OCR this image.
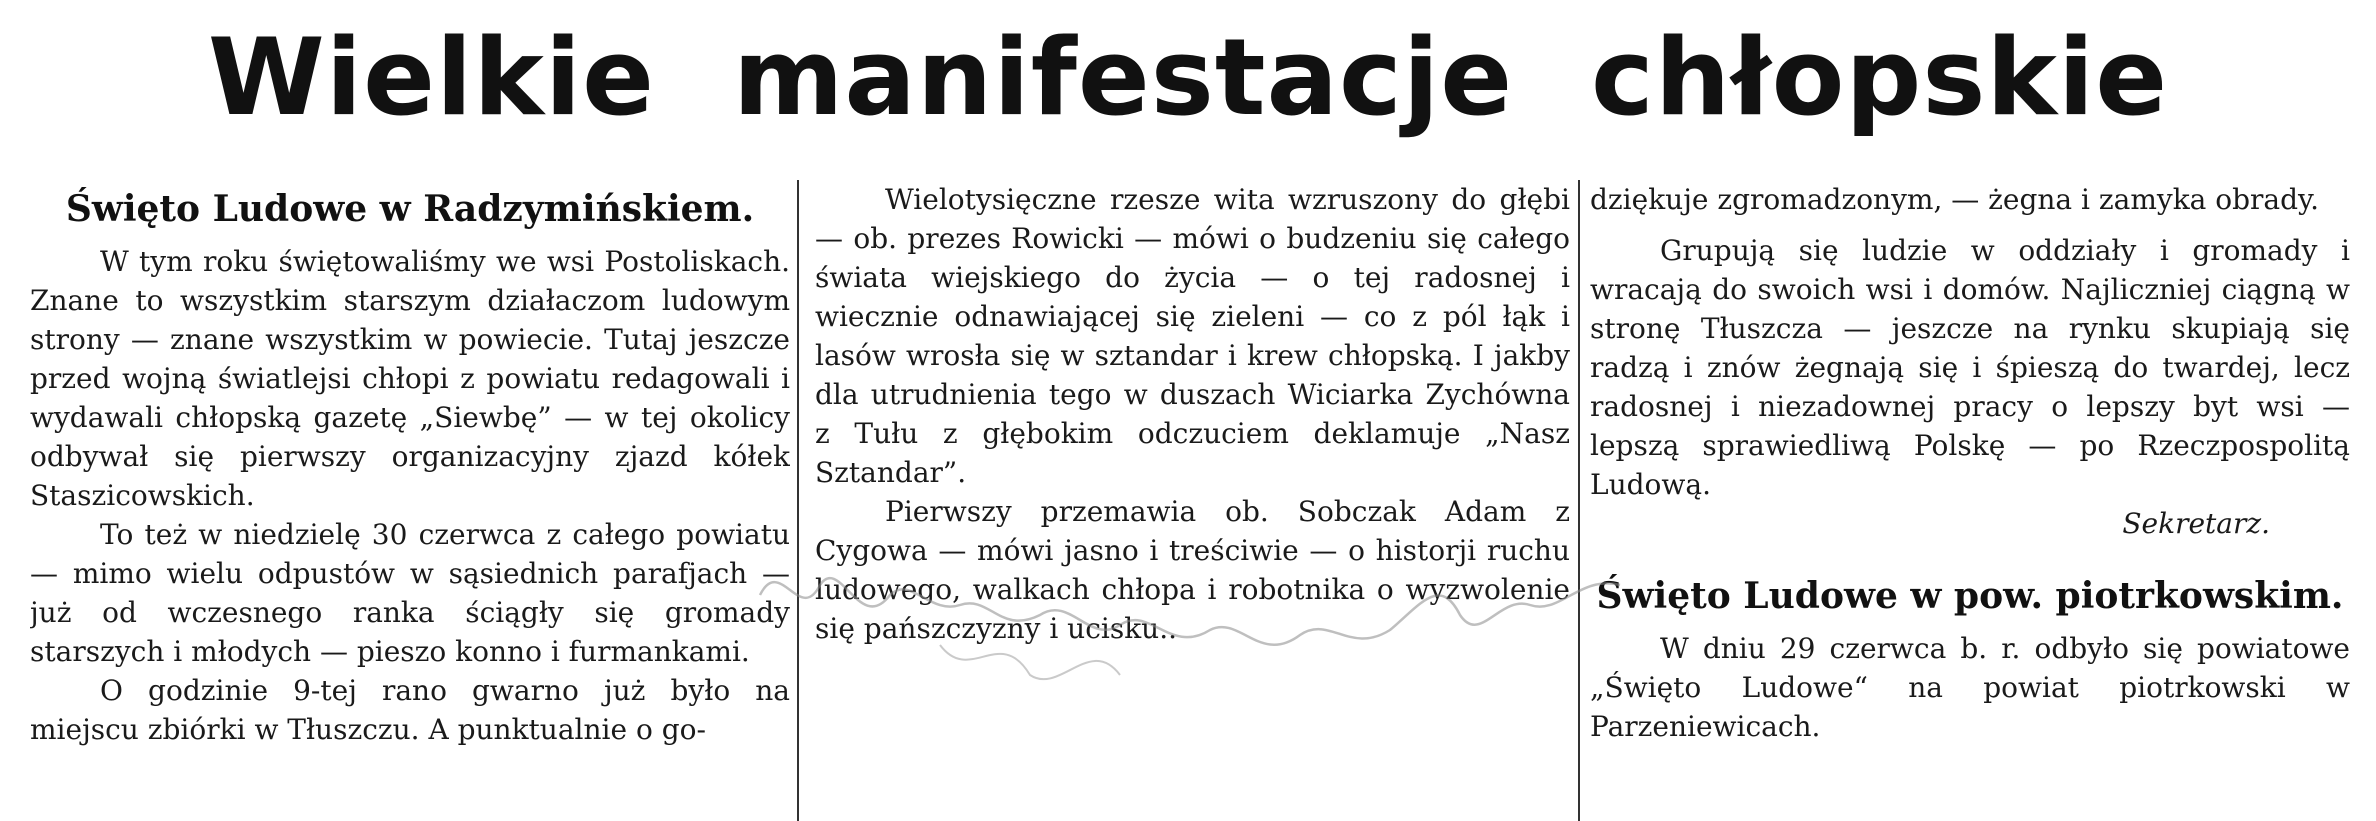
Wielkie manifestacje chłopskie
Święto Ludowe w Radzymińskiem.

W tym roku świętowaliśmy we wsi Postoliskach. Znane to wszystkim starszym działaczom ludowym strony — znane wszystkim w powiecie. Tutaj jeszcze przed wojną światlejsi chłopi z powiatu redagowali i wydawali chłopską gazetę „Siewbę” — w tej okolicy odbywał się pierwszy organizacyjny zjazd kółek Staszicowskich.

To też w niedzielę 30 czerwca z całego powiatu — mimo wielu odpustów w sąsiednich parafjach — już od wczesnego ranka ściągły się gromady starszych i młodych — pieszo konno i furmankami.

O godzinie 9-tej rano gwarno już było na miejscu zbiórki w Tłuszczu. A punktualnie o go-

Wielotysięczne rzesze wita wzruszony do głębi — ob. prezes Rowicki — mówi o budzeniu się całego świata wiejskiego do życia — o tej radosnej i wiecznie odnawiającej się zieleni — co z pól łąk i lasów wrosła się w sztandar i krew chłopską. I jakby dla utrudnienia tego w duszach Wiciarka Zychówna z Tułu z głębokim odczuciem deklamuje „Nasz Sztandar”.

Pierwszy przemawia ob. Sobczak Adam z Cygowa — mówi jasno i treściwie — o historji ruchu ludowego, walkach chłopa i robotnika o wyzwolenie się pańszczyzny i ucisku..

dziękuje zgromadzonym, — żegna i zamyka obrady.

Grupują się ludzie w oddziały i gromady i wracają do swoich wsi i domów. Najliczniej ciągną w stronę Tłuszcza — jeszcze na rynku skupiają się radzą i znów żegnają się i śpieszą do twardej, lecz radosnej i niezadownej pracy o lepszy byt wsi — lepszą sprawiedliwą Polskę — po Rzeczpospolitą Ludową.

Sekretarz.

Święto Ludowe w pow. piotrkowskim.

W dniu 29 czerwca b. r. odbyło się powiatowe „Święto Ludowe“ na powiat piotrkowski w Parzeniewicach.
